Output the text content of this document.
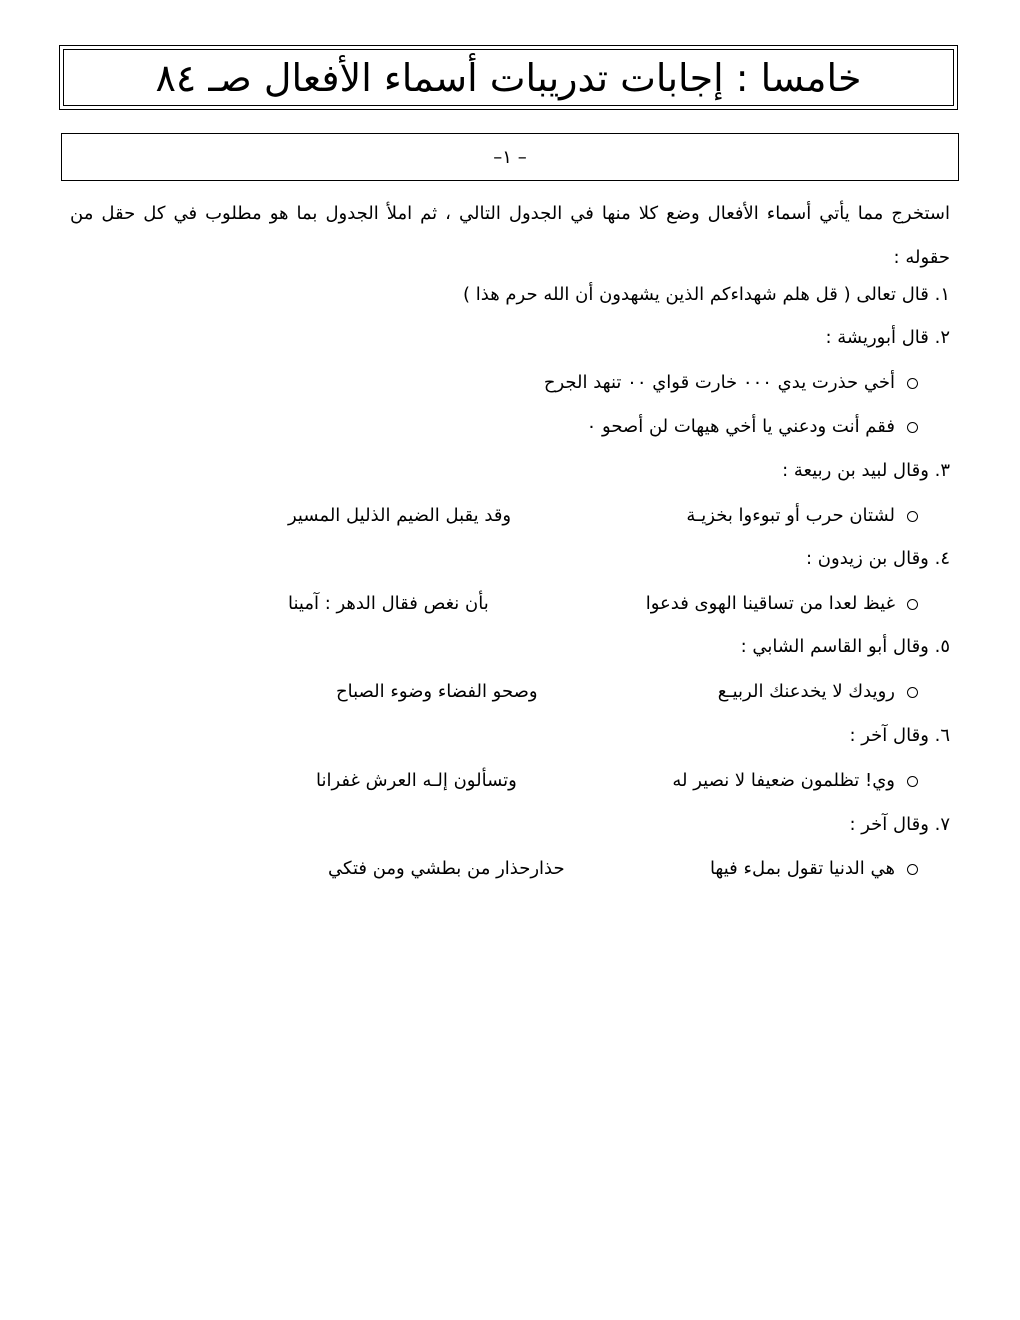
خامسا : إجابات تدريبات أسماء الأفعال صـ ٨٤
– ١–
استخرج مما يأتي أسماء الأفعال وضع كلا منها في الجدول التالي ، ثم املأ الجدول بما هو مطلوب في كل حقل من حقوله :
١. قال تعالى ( قل هلم شهداءكم الذين يشهدون أن الله حرم هذا )
٢. قال أبوريشة :
أخي حذرت يدي ٠٠٠ خارت قواي ٠٠ تنهد الجرح
فقم أنت ودعني يا أخي هيهات لن أصحو ٠
٣. وقال لبيد بن ربيعة :
لشتان حرب أو تبوءوا بخزيـة
وقد يقبل الضيم الذليل المسير
٤. وقال بن زيدون :
غيظ لعدا من تساقينا الهوى فدعوا
بأن نغص فقال الدهر : آمينا
٥. وقال أبو القاسم الشابي :
رويدك لا يخدعنك الربيـع
وصحو الفضاء وضوء الصباح
٦. وقال آخر :
وي! تظلمون ضعيفا لا نصير له
وتسألون إلـه العرش غفرانا
٧. وقال آخر :
هي الدنيا تقول بملء فيها
حذارحذار من بطشي ومن فتكي
